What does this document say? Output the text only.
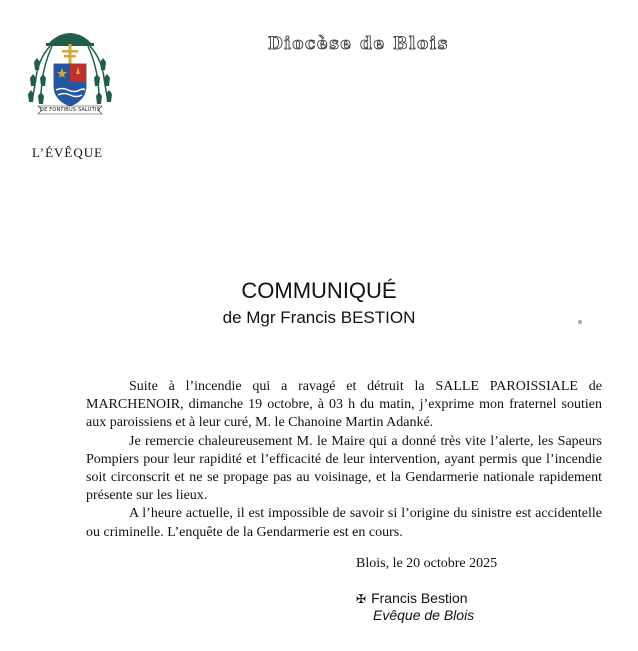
DE FONTIBUS SALUTIS
Diocèse de Blois
L’ÉVÊQUE
COMMUNIQUÉ
de Mgr Francis BESTION

Suite à l’incendie qui a ravagé et détruit la SALLE PAROISSIALE de MARCHENOIR, dimanche 19 octobre, à 03 h du matin, j’exprime mon fraternel soutien aux paroissiens et à leur curé, M. le Chanoine Martin Adanké.

Je remercie chaleureusement M. le Maire qui a donné très vite l’alerte, les Sapeurs Pompiers pour leur rapidité et l’efficacité de leur intervention, ayant permis que l’incendie soit circonscrit et ne se propage pas au voisinage, et la Gendarmerie nationale rapidement présente sur les lieux.

A l’heure actuelle, il est impossible de savoir si l’origine du sinistre est accidentelle ou criminelle. L’enquête de la Gendarmerie est en cours.

Blois, le 20 octobre 2025
✠ Francis Bestion
Evêque de Blois
